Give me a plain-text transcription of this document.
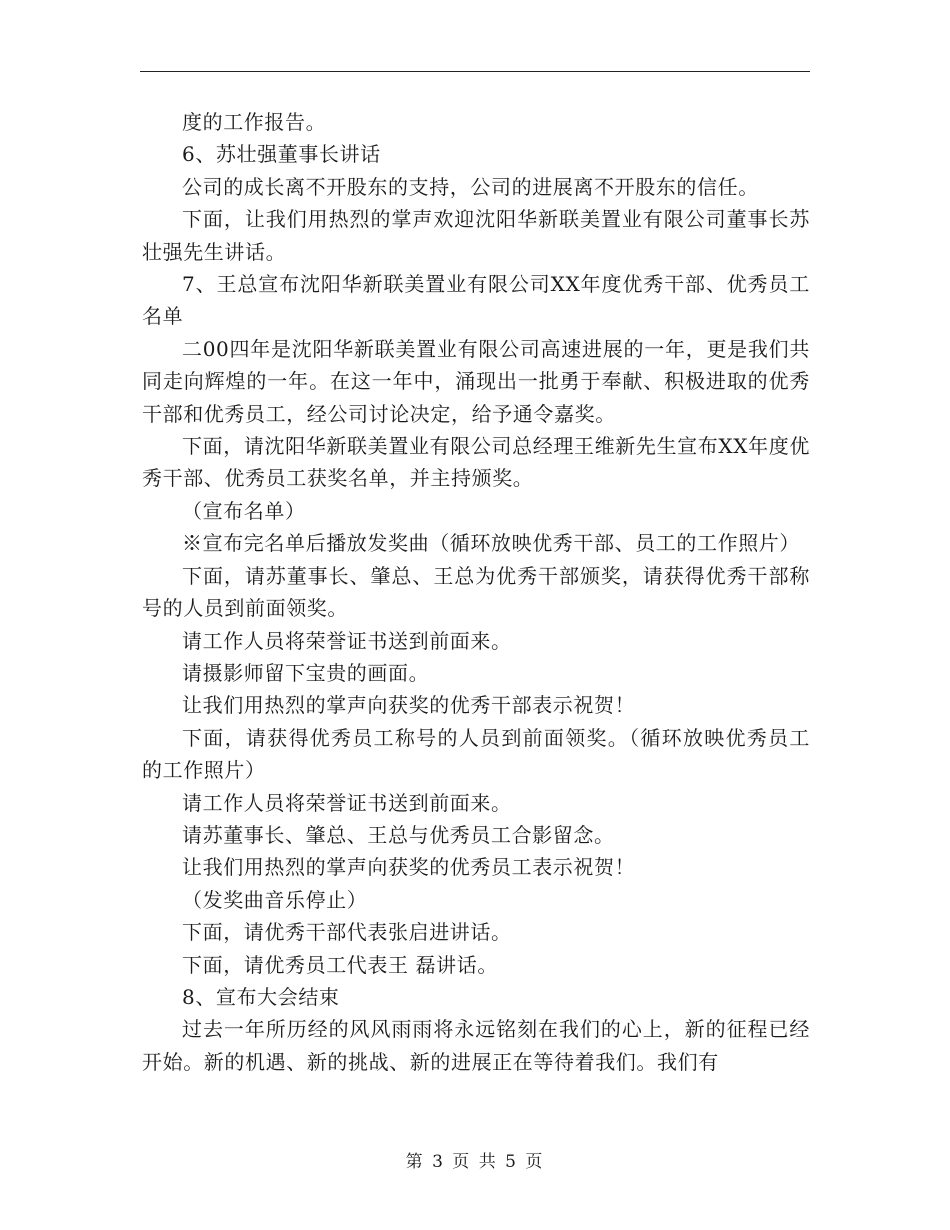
度的工作报告。

6、苏壮强董事长讲话

公司的成长离不开股东的支持，公司的进展离不开股东的信任。

下面，让我们用热烈的掌声欢迎沈阳华新联美置业有限公司董事长苏壮强先生讲话。

7、王总宣布沈阳华新联美置业有限公司XX年度优秀干部、优秀员工名单

二00四年是沈阳华新联美置业有限公司高速进展的一年，更是我们共同走向辉煌的一年。在这一年中，涌现出一批勇于奉献、积极进取的优秀干部和优秀员工，经公司讨论决定，给予通令嘉奖。

下面，请沈阳华新联美置业有限公司总经理王维新先生宣布XX年度优秀干部、优秀员工获奖名单，并主持颁奖。

（宣布名单）

※宣布完名单后播放发奖曲（循环放映优秀干部、员工的工作照片）

下面，请苏董事长、肇总、王总为优秀干部颁奖，请获得优秀干部称号的人员到前面领奖。

请工作人员将荣誉证书送到前面来。

请摄影师留下宝贵的画面。

让我们用热烈的掌声向获奖的优秀干部表示祝贺！

下面，请获得优秀员工称号的人员到前面领奖。（循环放映优秀员工的工作照片）

请工作人员将荣誉证书送到前面来。

请苏董事长、肇总、王总与优秀员工合影留念。

让我们用热烈的掌声向获奖的优秀员工表示祝贺！

（发奖曲音乐停止）

下面，请优秀干部代表张启进讲话。

下面，请优秀员工代表王 磊讲话。

8、宣布大会结束

过去一年所历经的风风雨雨将永远铭刻在我们的心上，新的征程已经开始。新的机遇、新的挑战、新的进展正在等待着我们。我们有

第 3 页 共 5 页
